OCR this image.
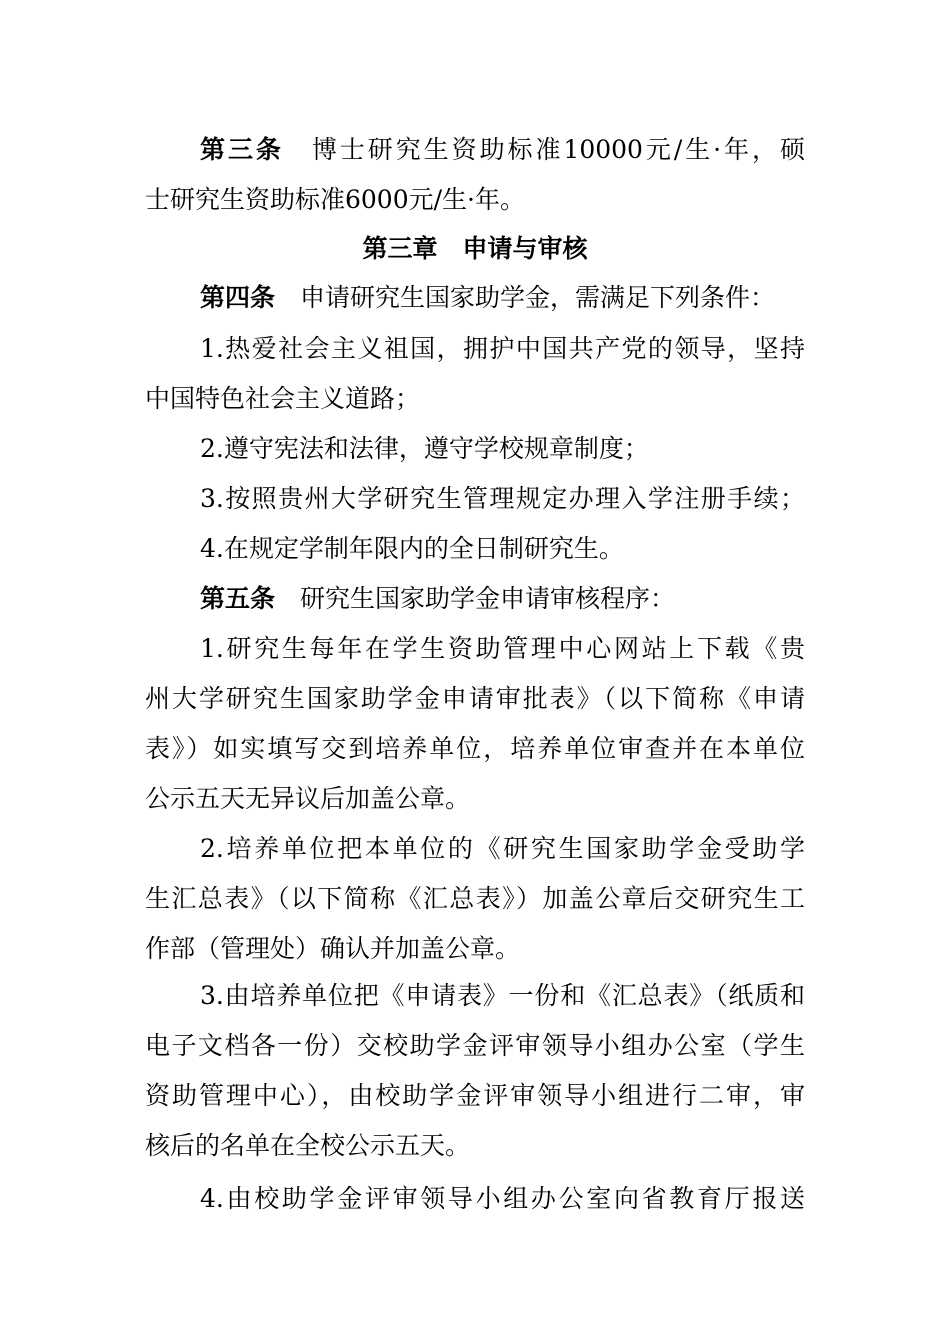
第三条　 博士研究生资助标准10000元/生·年，硕
士研究生资助标准6000元/生·年。
第三章　申请与审核
第四条　 申请研究生国家助学金，需满足下列条件：
1.热爱社会主义祖国，拥护中国共产党的领导，坚持
中国特色社会主义道路；
2.遵守宪法和法律，遵守学校规章制度；
3.按照贵州大学研究生管理规定办理入学注册手续；
4.在规定学制年限内的全日制研究生。
第五条　 研究生国家助学金申请审核程序：
1.研究生每年在学生资助管理中心网站上下载《贵
州大学研究生国家助学金申请审批表》（以下简称《申请
表》）如实填写交到培养单位，培养单位审查并在本单位
公示五天无异议后加盖公章。
2.培养单位把本单位的《研究生国家助学金受助学
生汇总表》（以下简称《汇总表》）加盖公章后交研究生工
作部（管理处）确认并加盖公章。
3.由培养单位把《申请表》一份和《汇总表》（纸质和
电子文档各一份）交校助学金评审领导小组办公室（学生
资助管理中心），由校助学金评审领导小组进行二审，审
核后的名单在全校公示五天。
4.由校助学金评审领导小组办公室向省教育厅报送
